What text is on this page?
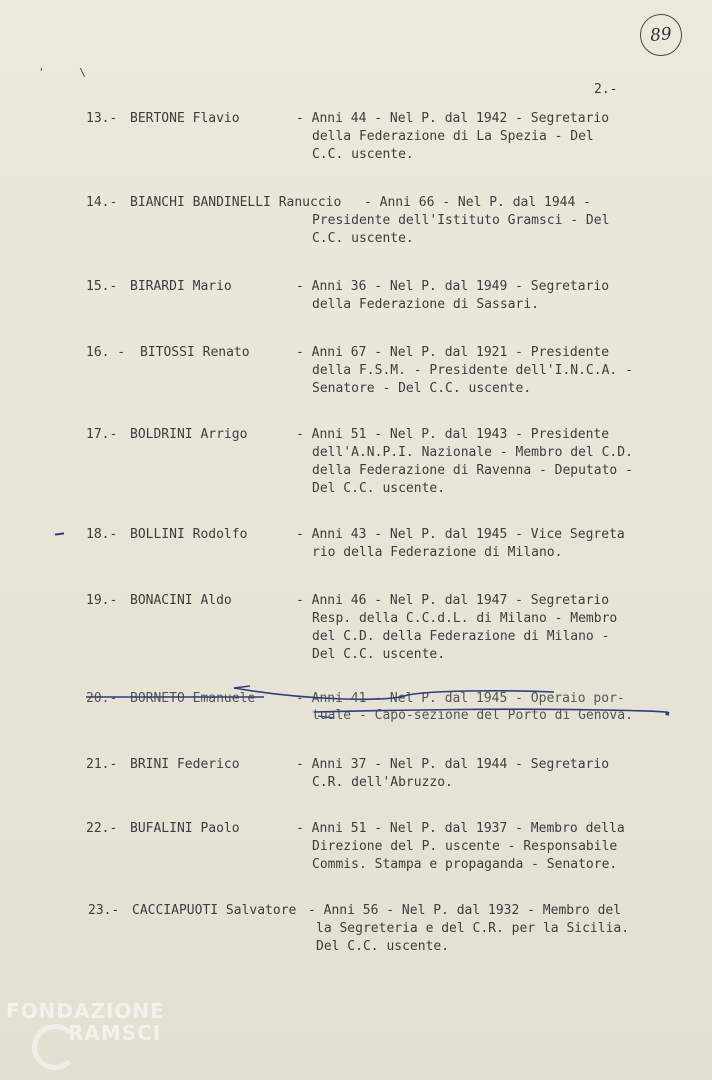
89
' \
2.-
13.- BERTONE Flavio	- Anni 44 - Nel P. dal 1942 - Segretario
della Federazione di La Spezia - Del
C.C. uscente.
14.- BIANCHI BANDINELLI Ranuccio - Anni 66 - Nel P. dal 1944 -
Presidente dell'Istituto Gramsci - Del
C.C. uscente.
15.- BIRARDI Mario	- Anni 36 - Nel P. dal 1949 - Segretario
della Federazione di Sassari.
16. - BITOSSI Renato	- Anni 67 - Nel P. dal 1921 - Presidente
della F.S.M. - Presidente dell'I.N.C.A. -
Senatore - Del C.C. uscente.
17.- BOLDRINI Arrigo	- Anni 51 - Nel P. dal 1943 - Presidente
dell'A.N.P.I. Nazionale - Membro del C.D.
della Federazione di Ravenna - Deputato -
Del C.C. uscente.
18.- BOLLINI Rodolfo	- Anni 43 - Nel P. dal 1945 - Vice Segreta
rio della Federazione di Milano.
19.- BONACINI Aldo	- Anni 46 - Nel P. dal 1947 - Segretario
Resp. della C.C.d.L. di Milano - Membro
del C.D. della Federazione di Milano -
Del C.C. uscente.
20.- BORNETO Emanuele	- Anni 41 - Nel P. dal 1945 - Operaio por-
tuale - Capo-sezione del Porto di Genova.
21.- BRINI Federico	- Anni 37 - Nel P. dal 1944 - Segretario
C.R. dell'Abruzzo.
22.- BUFALINI Paolo	- Anni 51 - Nel P. dal 1937 - Membro della
Direzione del P. uscente - Responsabile
Commis. Stampa e propaganda - Senatore.
23.- CACCIAPUOTI Salvatore - Anni 56 - Nel P. dal 1932 - Membro del
la Segreteria e del C.R. per la Sicilia.
Del C.C. uscente.
FONDAZIONE
RAMSCI
